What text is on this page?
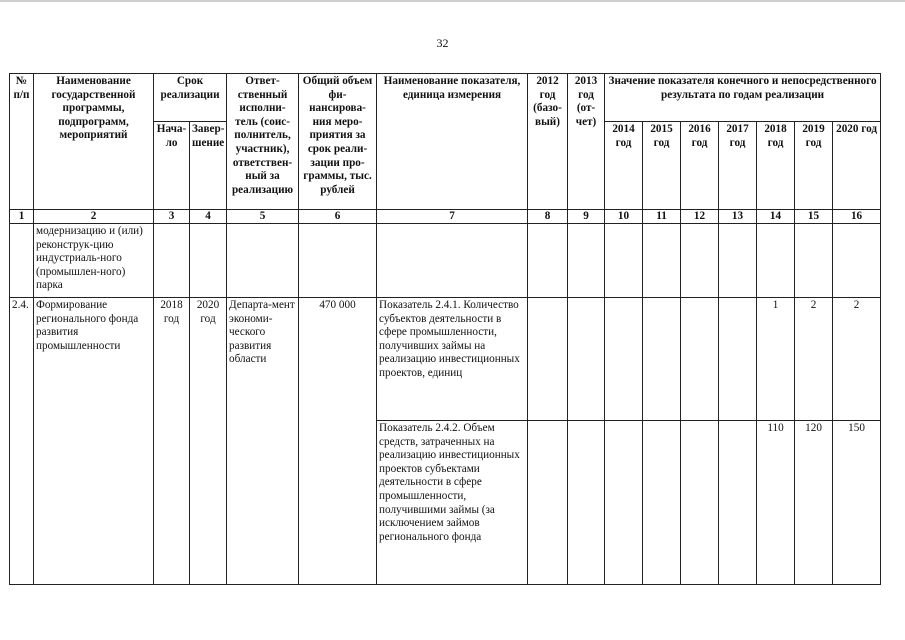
32
№ п/п	Наименование государственной программы, подпрограмм, мероприятий	Срок реализации		Ответ-ственный исполни-тель (соис-полнитель, участник), ответствен-ный за реализацию	Общий объем фи-нансирова-ния меро-приятия за срок реали-зации про-граммы, тыс. рублей	Наименование показателя, единица измерения	2012 год (базо-вый)	2013 год (от-чет)	Значение показателя конечного и непосредственного результата по годам реализации						
		Нача-ло	Завер-шение						2014 год	2015 год	2016 год	2017 год	2018 год	2019 год	2020 год
1	2	3	4	5	6	7	8	9	10	11	12	13	14	15	16
	модернизацию и (или) реконструк-цию индустриаль-ного (промышлен-ного) парка														
2.4.	Формирование регионального фонда развития промышленности	2018 год	2020 год	Департа-мент экономи-ческого развития области	470 000	Показатель 2.4.1. Количество субъектов деятельности в сфере промышленности, получивших займы на реализацию инвестиционных проектов, единиц							1	2	2
						Показатель 2.4.2. Объем средств, затраченных на реализацию инвестиционных проектов субъектами деятельности в сфере промышленности, получившими займы (за исключением займов регионального фонда							110	120	150
